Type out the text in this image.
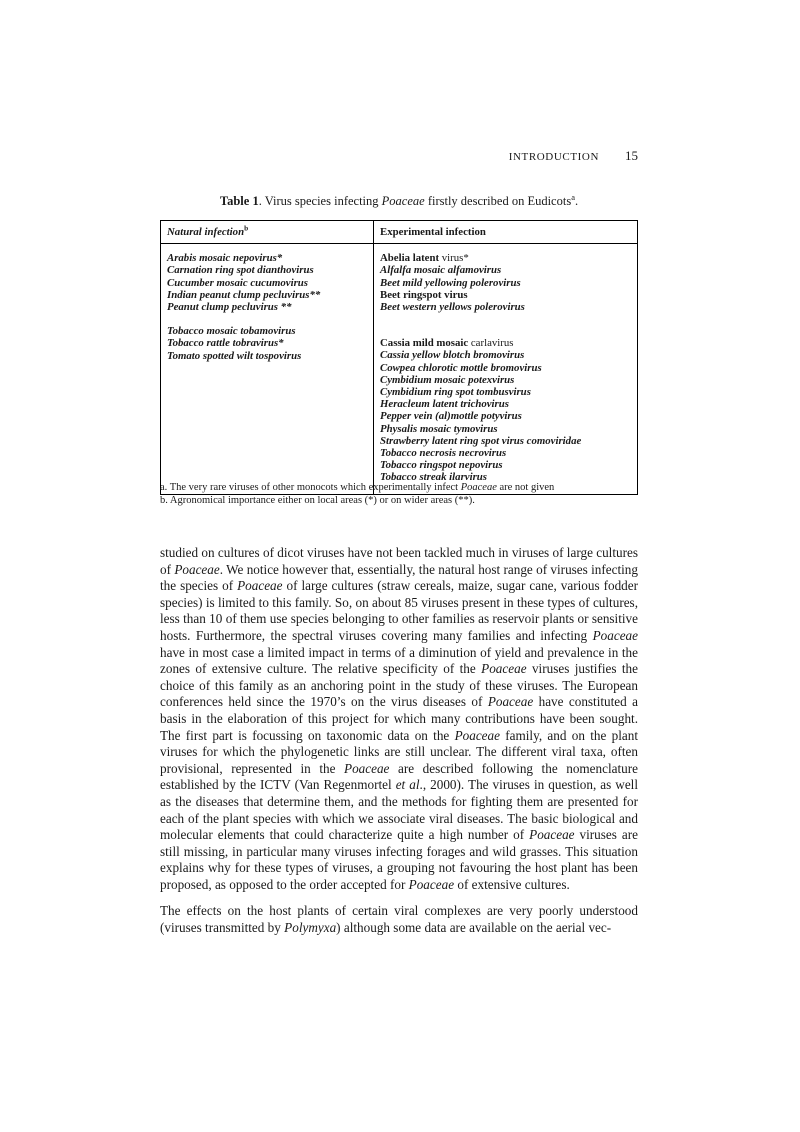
INTRODUCTION 15
Table 1. Virus species infecting Poaceae firstly described on Eudicots$^a$.
Natural infection$^b$	Experimental infection
Arabis mosaic nepovirus*
Carnation ring spot dianthovirus
Cucumber mosaic cucumovirus
Indian peanut clump pecluvirus**
Peanut clump pecluvirus **
Tobacco mosaic tobamovirus
Tobacco rattle tobravirus*
Tomato spotted wilt tospovirus
Abelia latent virus*
Alfalfa mosaic alfamovirus
Beet mild yellowing polerovirus
Beet ringspot virus
Beet western yellows polerovirus
Cassia mild mosaic carlavirus
Cassia yellow blotch bromovirus
Cowpea chlorotic mottle bromovirus
Cymbidium mosaic potexvirus
Cymbidium ring spot tombusvirus
Heracleum latent trichovirus
Pepper vein (al)mottle potyvirus
Physalis mosaic tymovirus
Strawberry latent ring spot virus comoviridae
Tobacco necrosis necrovirus
Tobacco ringspot nepovirus
Tobacco streak ilarvirus
a. The very rare viruses of other monocots which experimentally infect Poaceae are not given
b. Agronomical importance either on local areas (*) or on wider areas (**).

studied on cultures of dicot viruses have not been tackled much in viruses of large cultures of Poaceae. We notice however that, essentially, the natural host range of viruses infecting the species of Poaceae of large cultures (straw cereals, maize, sugar cane, various fodder species) is limited to this family. So, on about 85 viruses present in these types of cultures, less than 10 of them use species belonging to other families as reservoir plants or sensitive hosts. Furthermore, the spectral viruses covering many families and infecting Poaceae have in most case a limited impact in terms of a diminution of yield and prevalence in the zones of extensive culture. The relative specificity of the Poaceae viruses justifies the choice of this family as an anchoring point in the study of these viruses. The European conferences held since the 1970’s on the virus diseases of Poaceae have constituted a basis in the elaboration of this project for which many contributions have been sought. The first part is focussing on taxonomic data on the Poaceae family, and on the plant viruses for which the phylogenetic links are still unclear. The different viral taxa, often provisional, represented in the Poaceae are described following the nomenclature established by the ICTV (Van Regenmortel et al., 2000). The viruses in question, as well as the diseases that determine them, and the methods for fighting them are presented for each of the plant species with which we associate viral diseases. The basic biological and molecular elements that could characterize quite a high number of Poaceae viruses are still missing, in particular many viruses infecting forages and wild grasses. This situation explains why for these types of viruses, a grouping not favouring the host plant has been proposed, as opposed to the order accepted for Poaceae of extensive cultures.

The effects on the host plants of certain viral complexes are very poorly understood (viruses transmitted by Polymyxa) although some data are available on the aerial vec-
